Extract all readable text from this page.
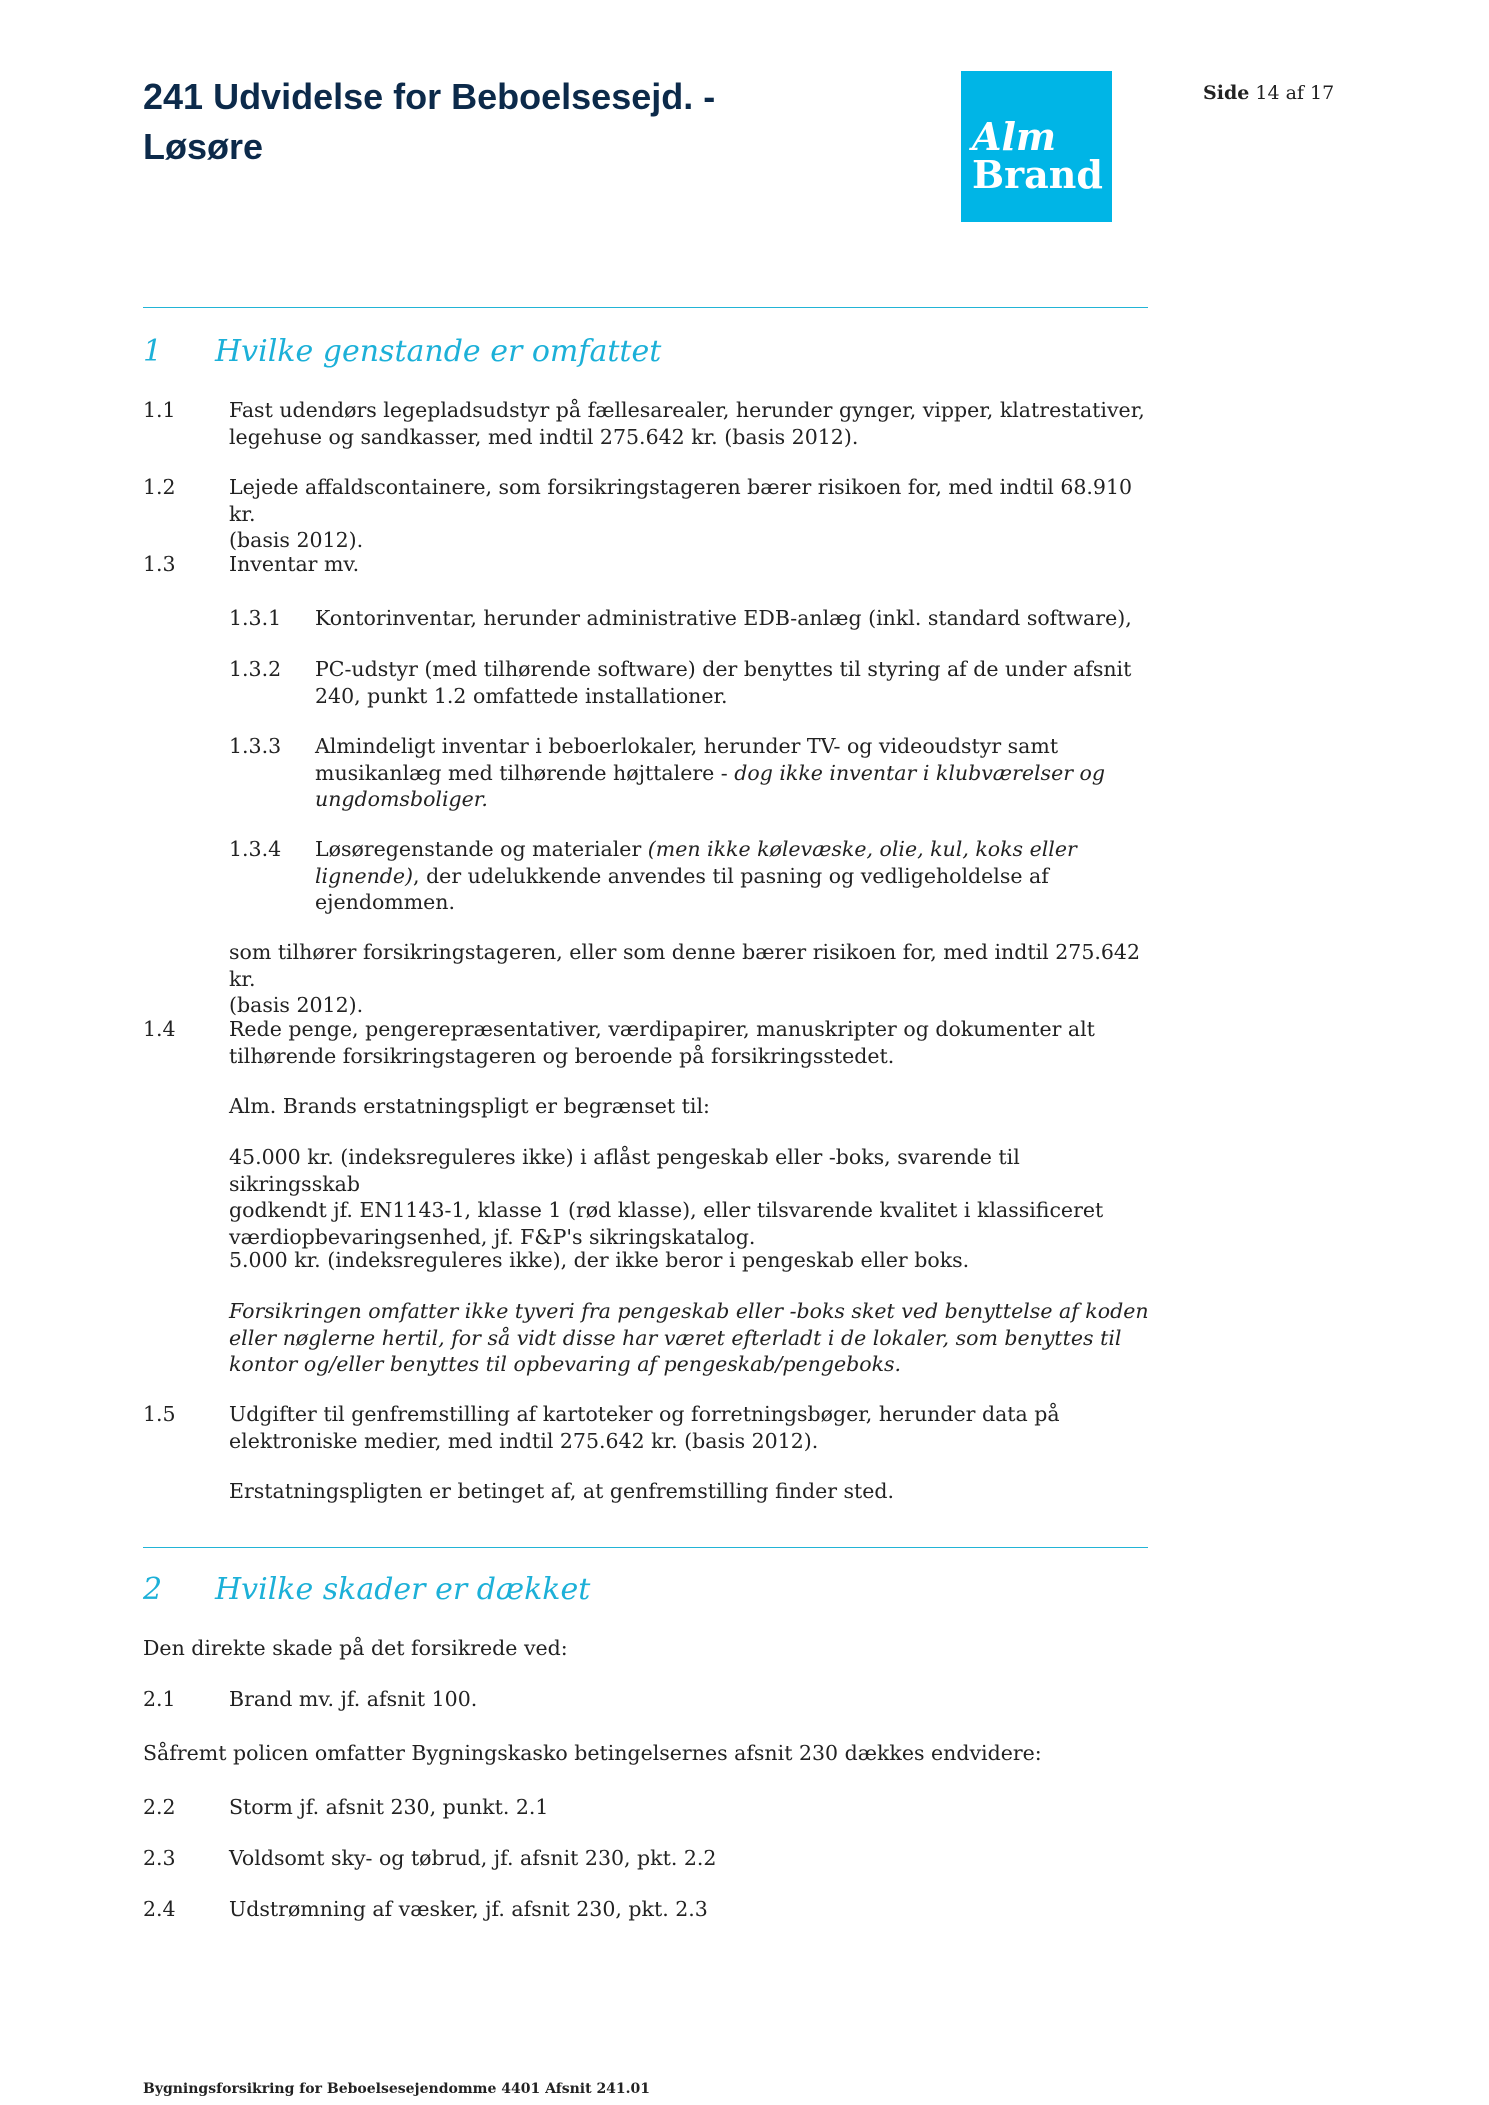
241 Udvidelse for Beboelsesejd. -
Løsøre	Alm
Brand
Side 14 af 17
1 Hvilke genstande er omfattet
1.1	Fast udendørs legepladsudstyr på fællesarealer, herunder gynger, vipper, klatrestativer,
legehuse og sandkasser, med indtil 275.642 kr. (basis 2012).
1.2	Lejede affaldscontainere, som forsikringstageren bærer risikoen for, med indtil 68.910 kr.
(basis 2012).
1.3	Inventar mv.
1.3.1 Kontorinventar, herunder administrative EDB-anlæg (inkl. standard software),
1.3.2 PC-udstyr (med tilhørende software) der benyttes til styring af de under afsnit
240, punkt 1.2 omfattede installationer.
1.3.3 Almindeligt inventar i beboerlokaler, herunder TV- og videoudstyr samt
musikanlæg med tilhørende højttalere - dog ikke inventar i klubværelser og
ungdomsboliger.
1.3.4 Løsøregenstande og materialer (men ikke kølevæske, olie, kul, koks eller
lignende), der udelukkende anvendes til pasning og vedligeholdelse af
ejendommen.
som tilhører forsikringstageren, eller som denne bærer risikoen for, med indtil 275.642 kr.
(basis 2012).
1.4	Rede penge, pengerepræsentativer, værdipapirer, manuskripter og dokumenter alt
tilhørende forsikringstageren og beroende på forsikringsstedet.
Alm. Brands erstatningspligt er begrænset til:
45.000 kr. (indeksreguleres ikke) i aflåst pengeskab eller -boks, svarende til sikringsskab
godkendt jf. EN1143-1, klasse 1 (rød klasse), eller tilsvarende kvalitet i klassificeret
værdiopbevaringsenhed, jf. F&P's sikringskatalog.
5.000 kr. (indeksreguleres ikke), der ikke beror i pengeskab eller boks.
Forsikringen omfatter ikke tyveri fra pengeskab eller -boks sket ved benyttelse af koden
eller nøglerne hertil, for så vidt disse har været efterladt i de lokaler, som benyttes til
kontor og/eller benyttes til opbevaring af pengeskab/pengeboks.
1.5	Udgifter til genfremstilling af kartoteker og forretningsbøger, herunder data på
elektroniske medier, med indtil 275.642 kr. (basis 2012).
Erstatningspligten er betinget af, at genfremstilling finder sted.
2 Hvilke skader er dækket
Den direkte skade på det forsikrede ved:
2.1	Brand mv. jf. afsnit 100.
Såfremt policen omfatter Bygningskasko betingelsernes afsnit 230 dækkes endvidere:
2.2	Storm jf. afsnit 230, punkt. 2.1
2.3	Voldsomt sky- og tøbrud, jf. afsnit 230, pkt. 2.2
2.4	Udstrømning af væsker, jf. afsnit 230, pkt. 2.3
Bygningsforsikring for Beboelsesejendomme 4401 Afsnit 241.01
